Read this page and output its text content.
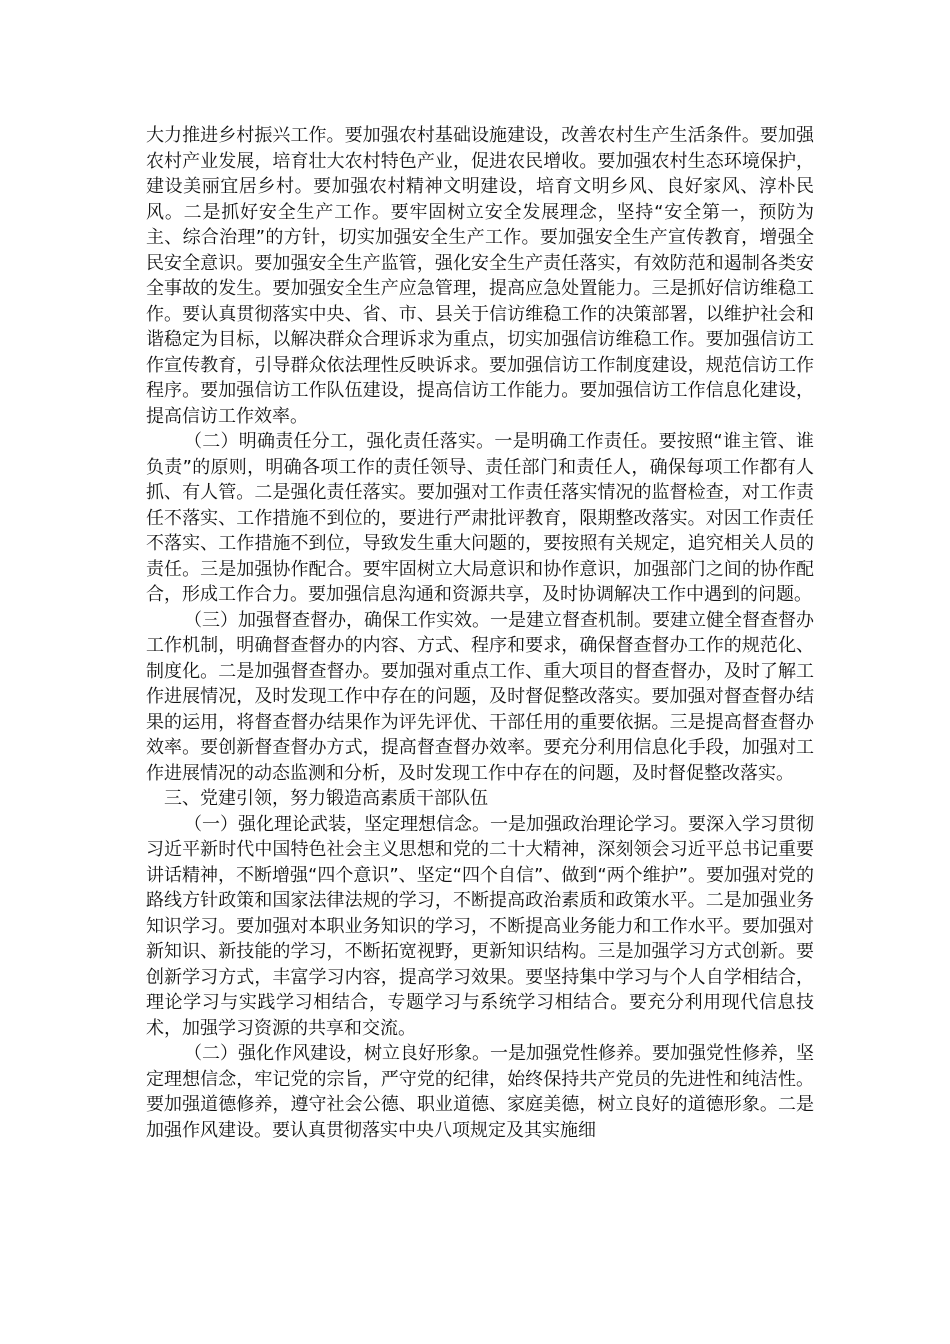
大力推进乡村振兴工作。要加强农村基础设施建设，改善农村生产生活条件。要加强农村产业发展，培育壮大农村特色产业，促进农民增收。要加强农村生态环境保护，建设美丽宜居乡村。要加强农村精神文明建设，培育文明乡风、良好家风、淳朴民风。二是抓好安全生产工作。要牢固树立安全发展理念，坚持“安全第一，预防为主、综合治理”的方针，切实加强安全生产工作。要加强安全生产宣传教育，增强全民安全意识。要加强安全生产监管，强化安全生产责任落实，有效防范和遏制各类安全事故的发生。要加强安全生产应急管理，提高应急处置能力。三是抓好信访维稳工作。要认真贯彻落实中央、省、市、县关于信访维稳工作的决策部署，以维护社会和谐稳定为目标，以解决群众合理诉求为重点，切实加强信访维稳工作。要加强信访工作宣传教育，引导群众依法理性反映诉求。要加强信访工作制度建设，规范信访工作程序。要加强信访工作队伍建设，提高信访工作能力。要加强信访工作信息化建设，提高信访工作效率。

（二）明确责任分工，强化责任落实。一是明确工作责任。要按照“谁主管、谁负责”的原则，明确各项工作的责任领导、责任部门和责任人，确保每项工作都有人抓、有人管。二是强化责任落实。要加强对工作责任落实情况的监督检查，对工作责任不落实、工作措施不到位的，要进行严肃批评教育，限期整改落实。对因工作责任不落实、工作措施不到位，导致发生重大问题的，要按照有关规定，追究相关人员的责任。三是加强协作配合。要牢固树立大局意识和协作意识，加强部门之间的协作配合，形成工作合力。要加强信息沟通和资源共享，及时协调解决工作中遇到的问题。

（三）加强督查督办，确保工作实效。一是建立督查机制。要建立健全督查督办工作机制，明确督查督办的内容、方式、程序和要求，确保督查督办工作的规范化、制度化。二是加强督查督办。要加强对重点工作、重大项目的督查督办，及时了解工作进展情况，及时发现工作中存在的问题，及时督促整改落实。要加强对督查督办结果的运用，将督查督办结果作为评先评优、干部任用的重要依据。三是提高督查督办效率。要创新督查督办方式，提高督查督办效率。要充分利用信息化手段，加强对工作进展情况的动态监测和分析，及时发现工作中存在的问题，及时督促整改落实。

三、党建引领，努力锻造高素质干部队伍

（一）强化理论武装，坚定理想信念。一是加强政治理论学习。要深入学习贯彻习近平新时代中国特色社会主义思想和党的二十大精神，深刻领会习近平总书记重要讲话精神，不断增强“四个意识”、坚定“四个自信”、做到“两个维护”。要加强对党的路线方针政策和国家法律法规的学习，不断提高政治素质和政策水平。二是加强业务知识学习。要加强对本职业务知识的学习，不断提高业务能力和工作水平。要加强对新知识、新技能的学习，不断拓宽视野，更新知识结构。三是加强学习方式创新。要创新学习方式，丰富学习内容，提高学习效果。要坚持集中学习与个人自学相结合，理论学习与实践学习相结合，专题学习与系统学习相结合。要充分利用现代信息技术，加强学习资源的共享和交流。

（二）强化作风建设，树立良好形象。一是加强党性修养。要加强党性修养，坚定理想信念，牢记党的宗旨，严守党的纪律，始终保持共产党员的先进性和纯洁性。要加强道德修养，遵守社会公德、职业道德、家庭美德，树立良好的道德形象。二是加强作风建设。要认真贯彻落实中央八项规定及其实施细
